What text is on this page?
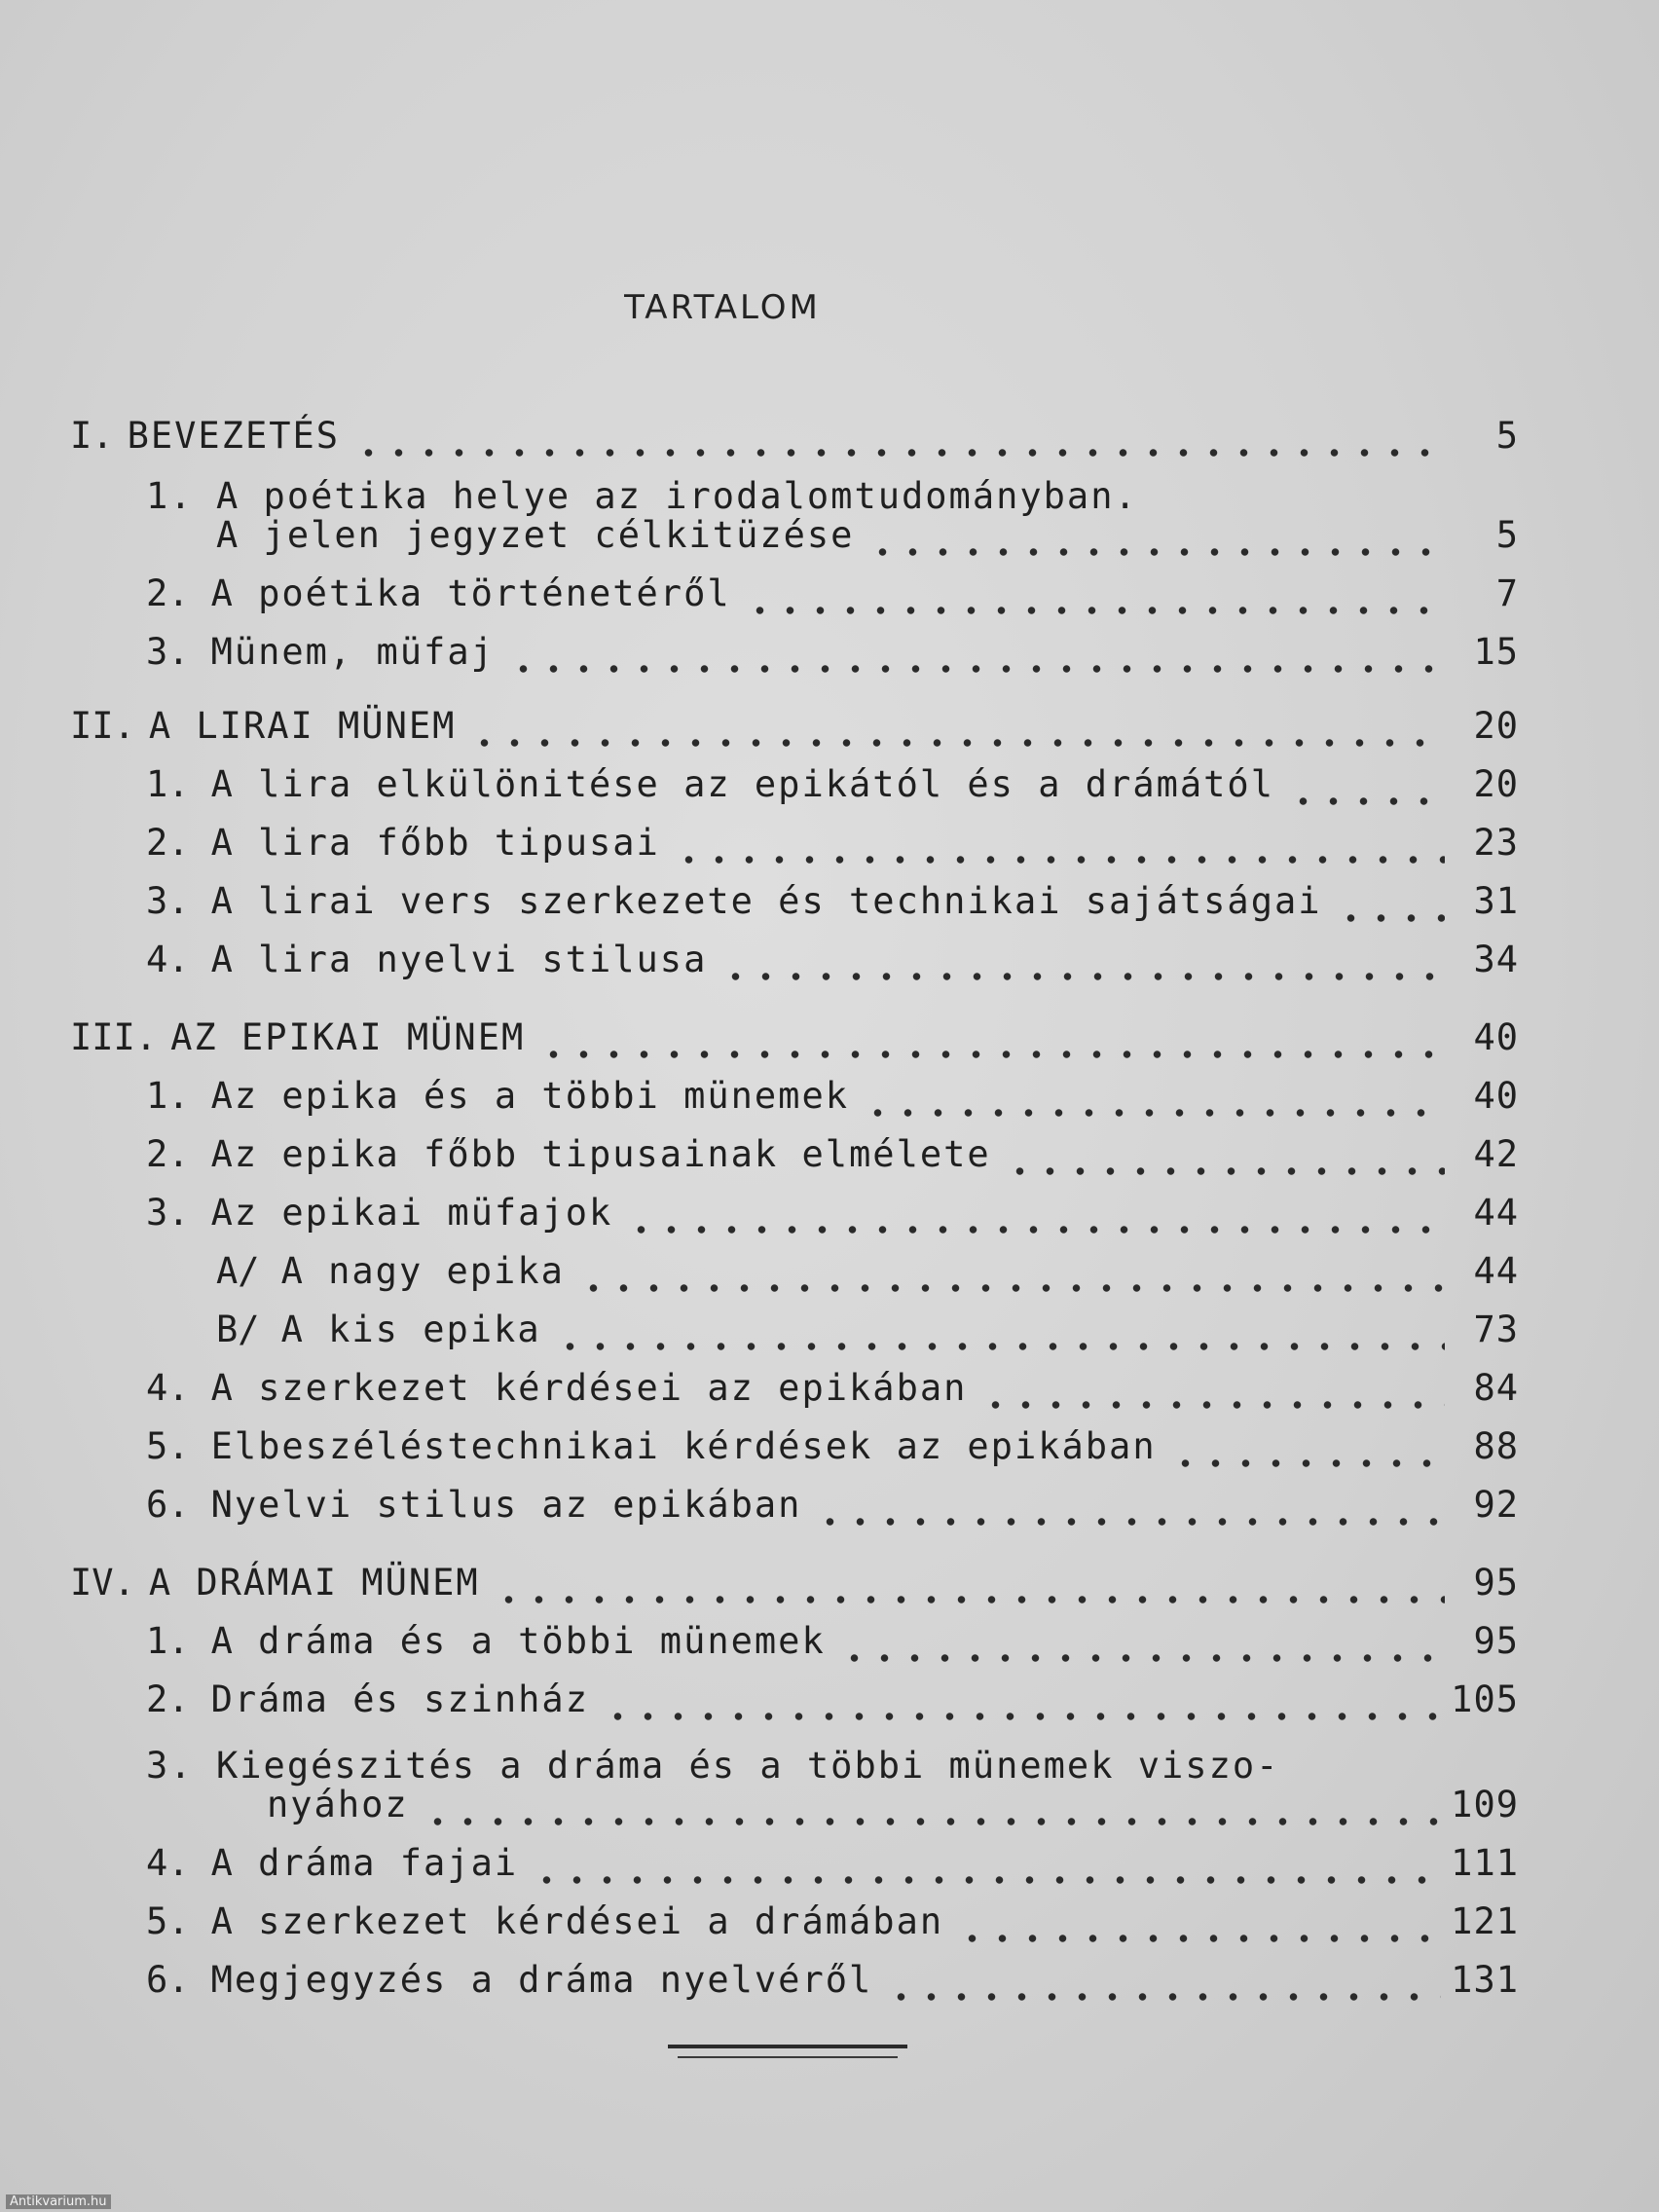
TARTALOM
I. BEVEZETÉS	5
1. A poétika helye az irodalomtudományban.
A jelen jegyzet célkitüzése	5
2. A poétika történetéről	7
3. Münem, müfaj	15
II. A LIRAI MÜNEM	20
1. A lira elkülönitése az epikától és a drámától	20
2. A lira főbb tipusai	23
3. A lirai vers szerkezete és technikai sajátságai	31
4. A lira nyelvi stilusa	34
III. AZ EPIKAI MÜNEM	40
1. Az epika és a többi münemek	40
2. Az epika főbb tipusainak elmélete	42
3. Az epikai müfajok	44
A/ A nagy epika	44
B/ A kis epika	73
4. A szerkezet kérdései az epikában	84
5. Elbeszéléstechnikai kérdések az epikában	88
6. Nyelvi stilus az epikában	92
IV. A DRÁMAI MÜNEM	95
1. A dráma és a többi münemek	95
2. Dráma és szinház	105
3. Kiegészités a dráma és a többi münemek viszo-
nyához	109
4. A dráma fajai	111
5. A szerkezet kérdései a drámában	121
6. Megjegyzés a dráma nyelvéről	131
Antikvarium.hu
